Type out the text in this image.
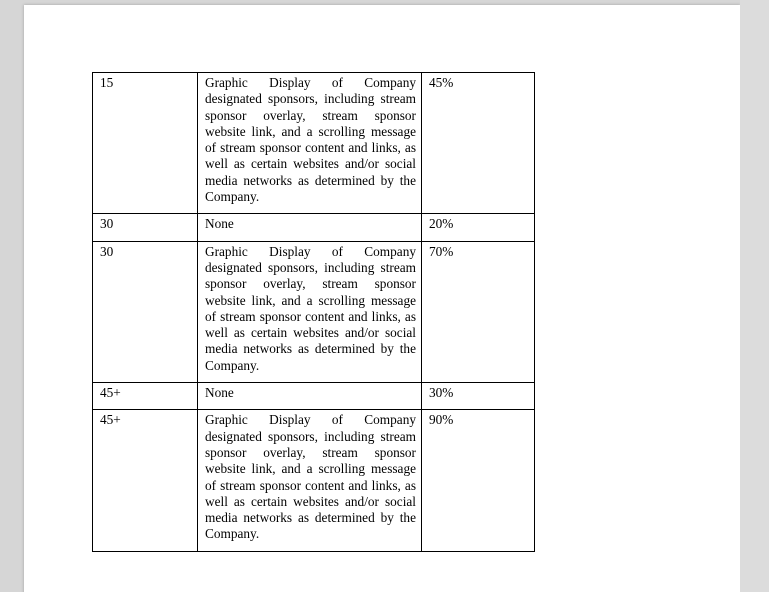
15	Graphic Display of Company designated sponsors, including stream sponsor overlay, stream sponsor website link, and a scrolling message of stream sponsor content and links, as well as certain websites and/or social media networks as determined by the Company.	45%
30	None	20%
30	Graphic Display of Company designated sponsors, including stream sponsor overlay, stream sponsor website link, and a scrolling message of stream sponsor content and links, as well as certain websites and/or social media networks as determined by the Company.	70%
45+	None	30%
45+	Graphic Display of Company designated sponsors, including stream sponsor overlay, stream sponsor website link, and a scrolling message of stream sponsor content and links, as well as certain websites and/or social media networks as determined by the Company.	90%
